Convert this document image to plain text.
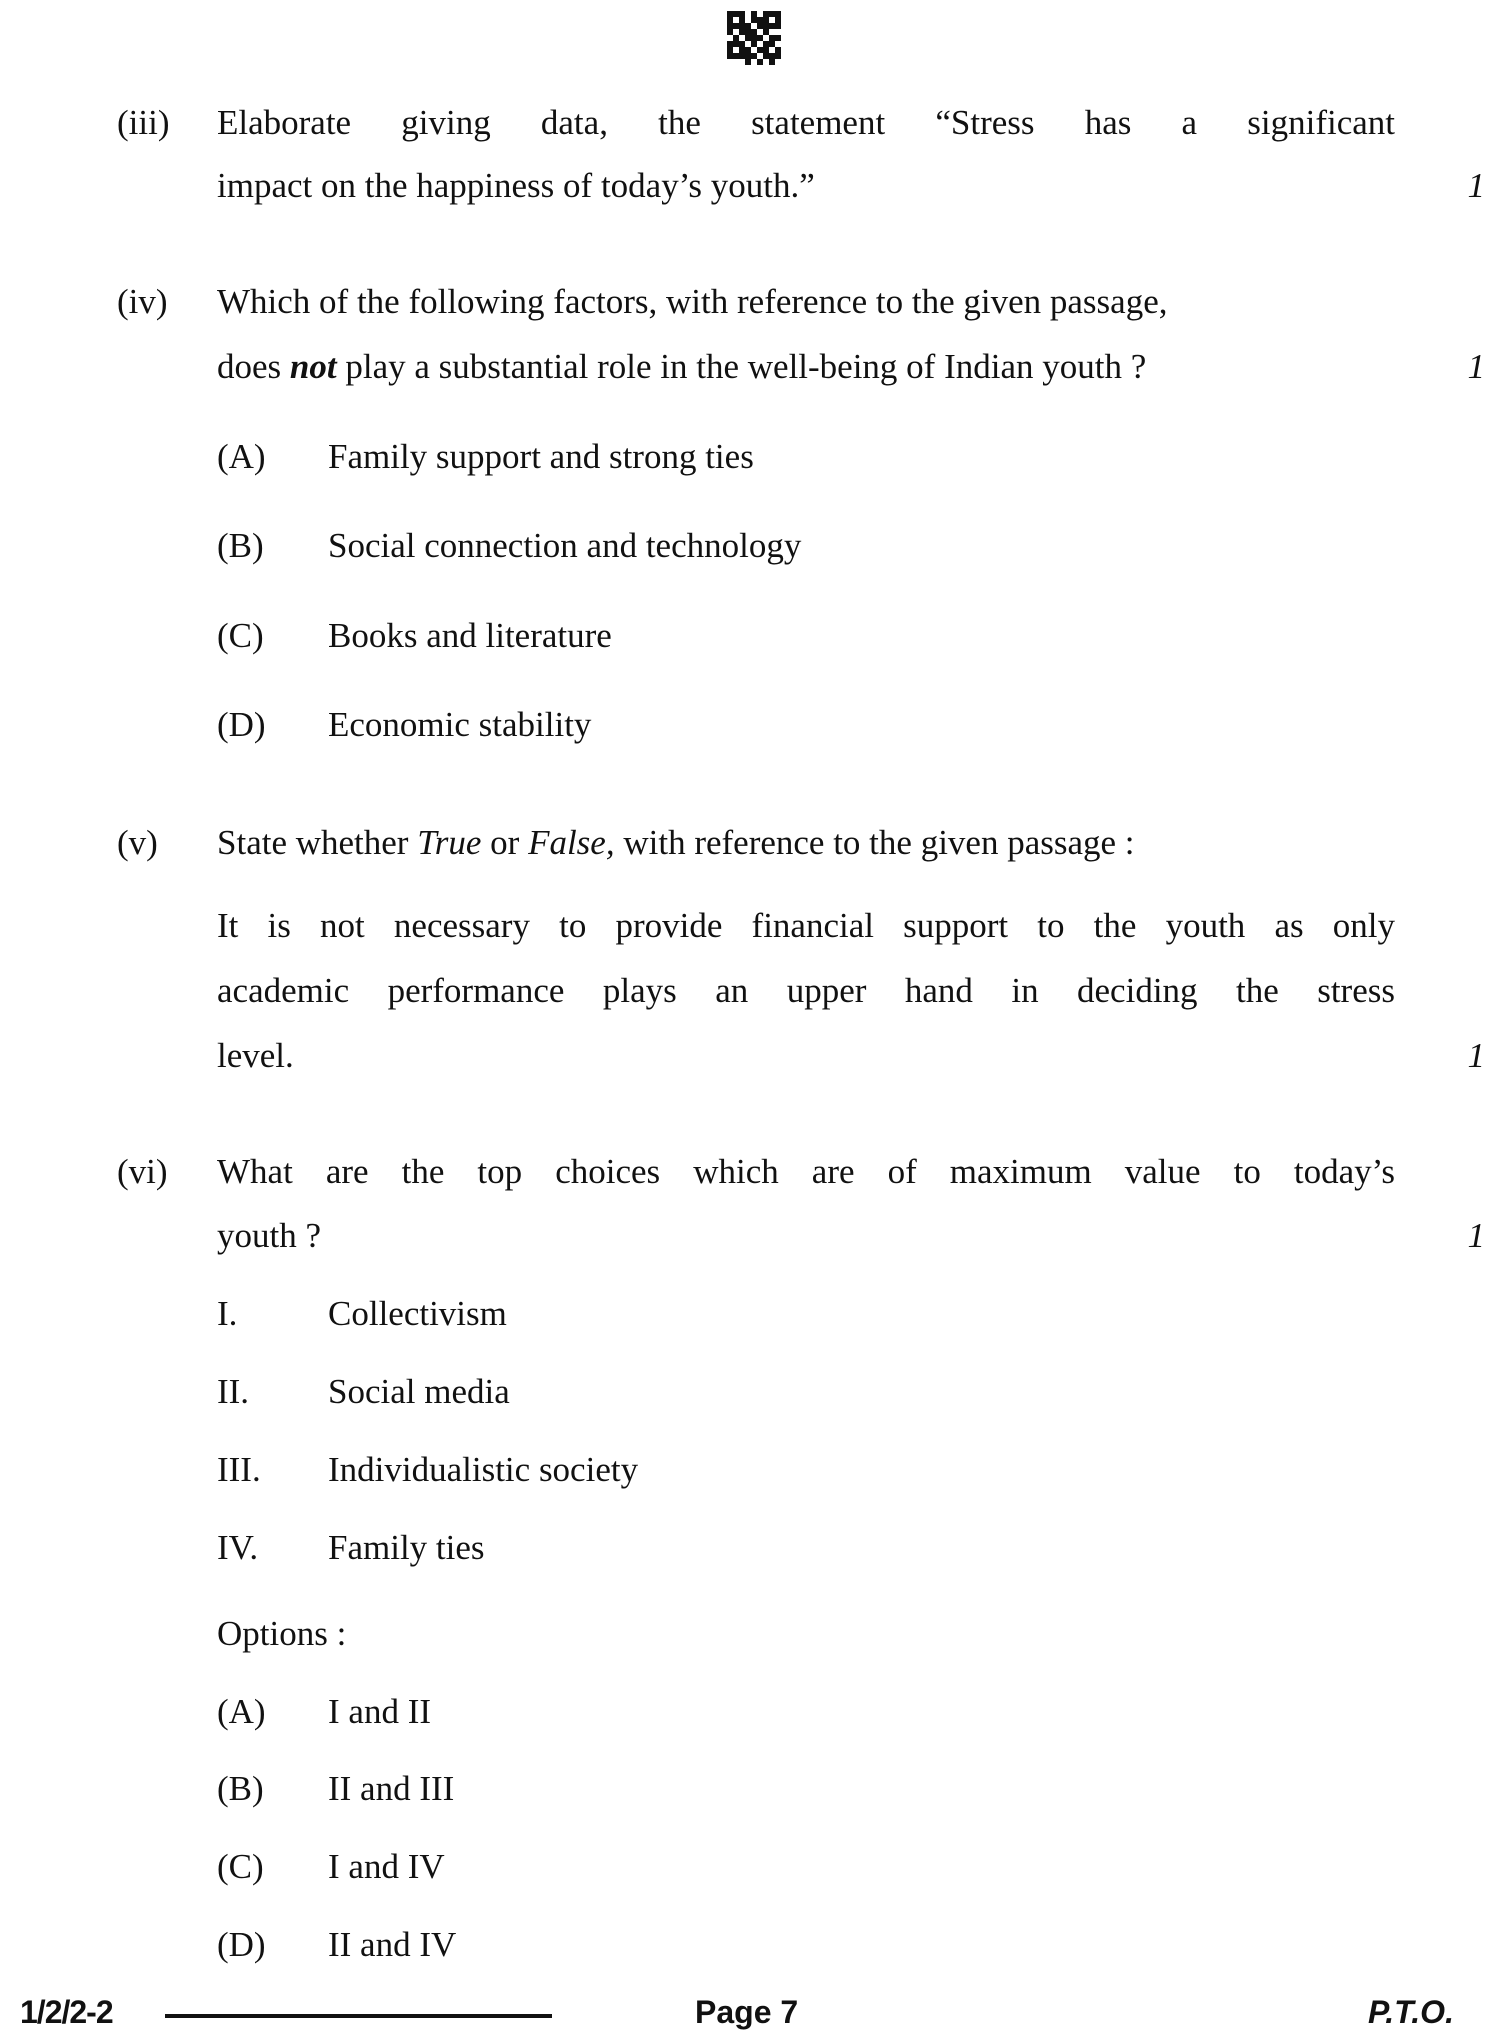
(iii) Elaborate giving data, the statement “Stress has a significant
impact on the happiness of today’s youth.”	1
(iv) Which of the following factors, with reference to the given passage,
does not play a substantial role in the well-being of Indian youth ?	1
(A) Family support and strong ties
(B) Social connection and technology
(C) Books and literature
(D) Economic stability
(v) State whether True or False, with reference to the given passage :
It is not necessary to provide financial support to the youth as only
academic performance plays an upper hand in deciding the stress
level.	1
(vi) What are the top choices which are of maximum value to today’s
youth ?	1
I.	Collectivism
II. Social media
III. Individualistic society
IV. Family ties
Options :
(A) I and II
(B) II and III
(C) I and IV
(D) II and IV
1/2/2-2	Page 7	P.T.O.
